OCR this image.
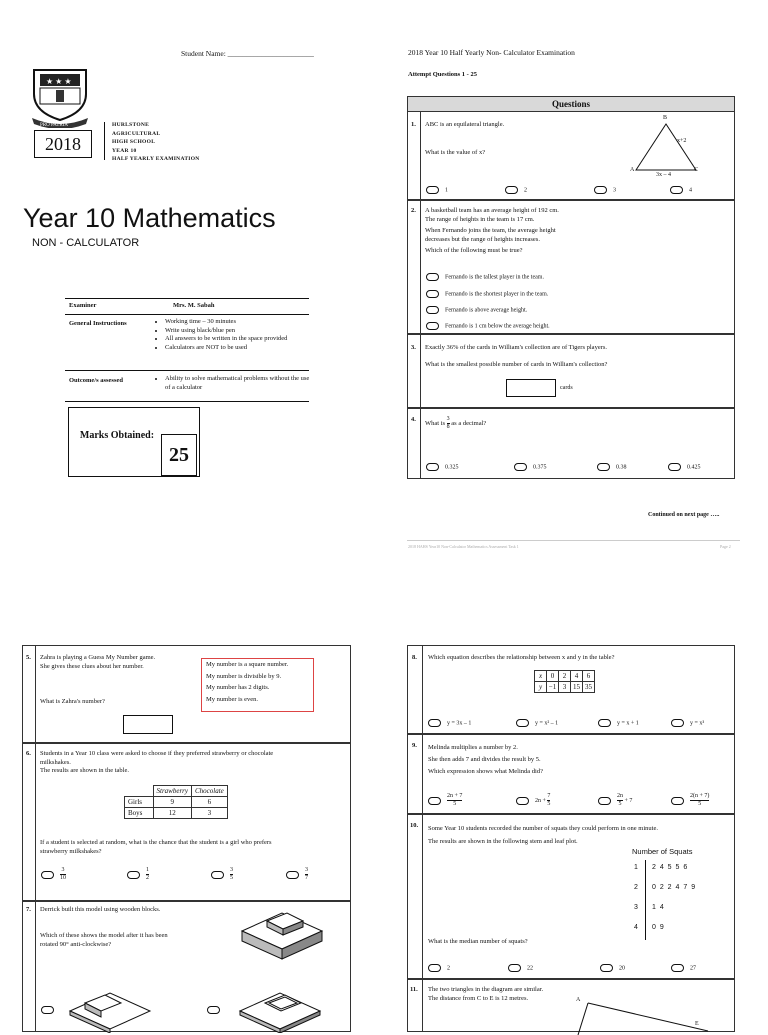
Student Name: _______________________
★ ★ ★
PRO PATRIA	HURLSTONE
AGRICULTURAL
HIGH SCHOOL
YEAR 10
HALF YEARLY EXAMINATION
2018
Year 10 Mathematics
NON - CALCULATOR
Examiner	Mrs. M. Sabah
General Instructions	• Working time – 30 minutes
• Write using black/blue pen
• All answers to be written in the space provided
• Calculators are NOT to be used
Outcome/s assessed	• Ability to solve mathematical problems without the use of a calculator
Marks Obtained:
25
2018 Year 10 Half Yearly Non- Calculator Examination
Attempt Questions 1 - 25
Questions
1. ABC is an equilateral triangle.
What is the value of x?
B
A	C
x+2
3x – 4
1	2	3	4
2. A basketball team has an average height of 192 cm.
The range of heights in the team is 17 cm.
When Fernando joins the team, the average height
decreases but the range of heights increases.
Which of the following must be true?
Fernando is the tallest player in the team.
Fernando is the shortest player in the team.
Fernando is above average height.
Fernando is 1 cm below the average height.
3. Exactly 36% of the cards in William's collection are of Tigers players.
What is the smallest possible number of cards in William's collection?
cards
4.
What is $\frac{3}{8}$ as a decimal?
0.325	0.375	0.38	0.425
Continued on next page …..
2018 HAHS Year10 Non-Calculator Mathematics Assessment Task 1	Page 2
5. Zahra is playing a Guess My Number game.
She gives these clues about her number.
What is Zahra's number?
My number is a square number.
My number is divisible by 9.
My number has 2 digits.
My number is even.
6. Students in a Year 10 class were asked to choose if they preferred strawberry or chocolate
milkshakes.
The results are shown in the table.
	Strawberry	Chocolate
Girls	9	6
Boys	12	3
If a student is selected at random, what is the chance that the student is a girl who prefers
strawberry milkshakes?
$\frac{3}{10}$	$\frac{1}{2}$	$\frac{3}{5}$	$\frac{3}{7}$
7. Derrick built this model using wooden blocks.
Which of these shows the model after it has been
rotated 90° anti-clockwise?
8. Which equation describes the relationship between x and y in the table?
x	0	2	4	6
y	−1	3	15	35
y = 3x – 1	y = x² – 1	y = x + 1	y = x³
9. Melinda multiplies a number by 2.
She then adds 7 and divides the result by 5.
Which expression shows what Melinda did?
$\frac{2n + 7}{5}$	$2n + \frac{7}{5}$	$\frac{2n}{5} + 7$	$\frac{2(n + 7)}{5}$
10. Some Year 10 students recorded the number of squats they could perform in one minute.
The results are shown in the following stem and leaf plot.
Number of Squats
1 2 4 5 5 6
2 0 2 2 4 7 9
3 1 4
4 0 9
What is the median number of squats?
2	22	20	27
11. The two triangles in the diagram are similar.
The distance from C to E is 12 metres.	A
E
